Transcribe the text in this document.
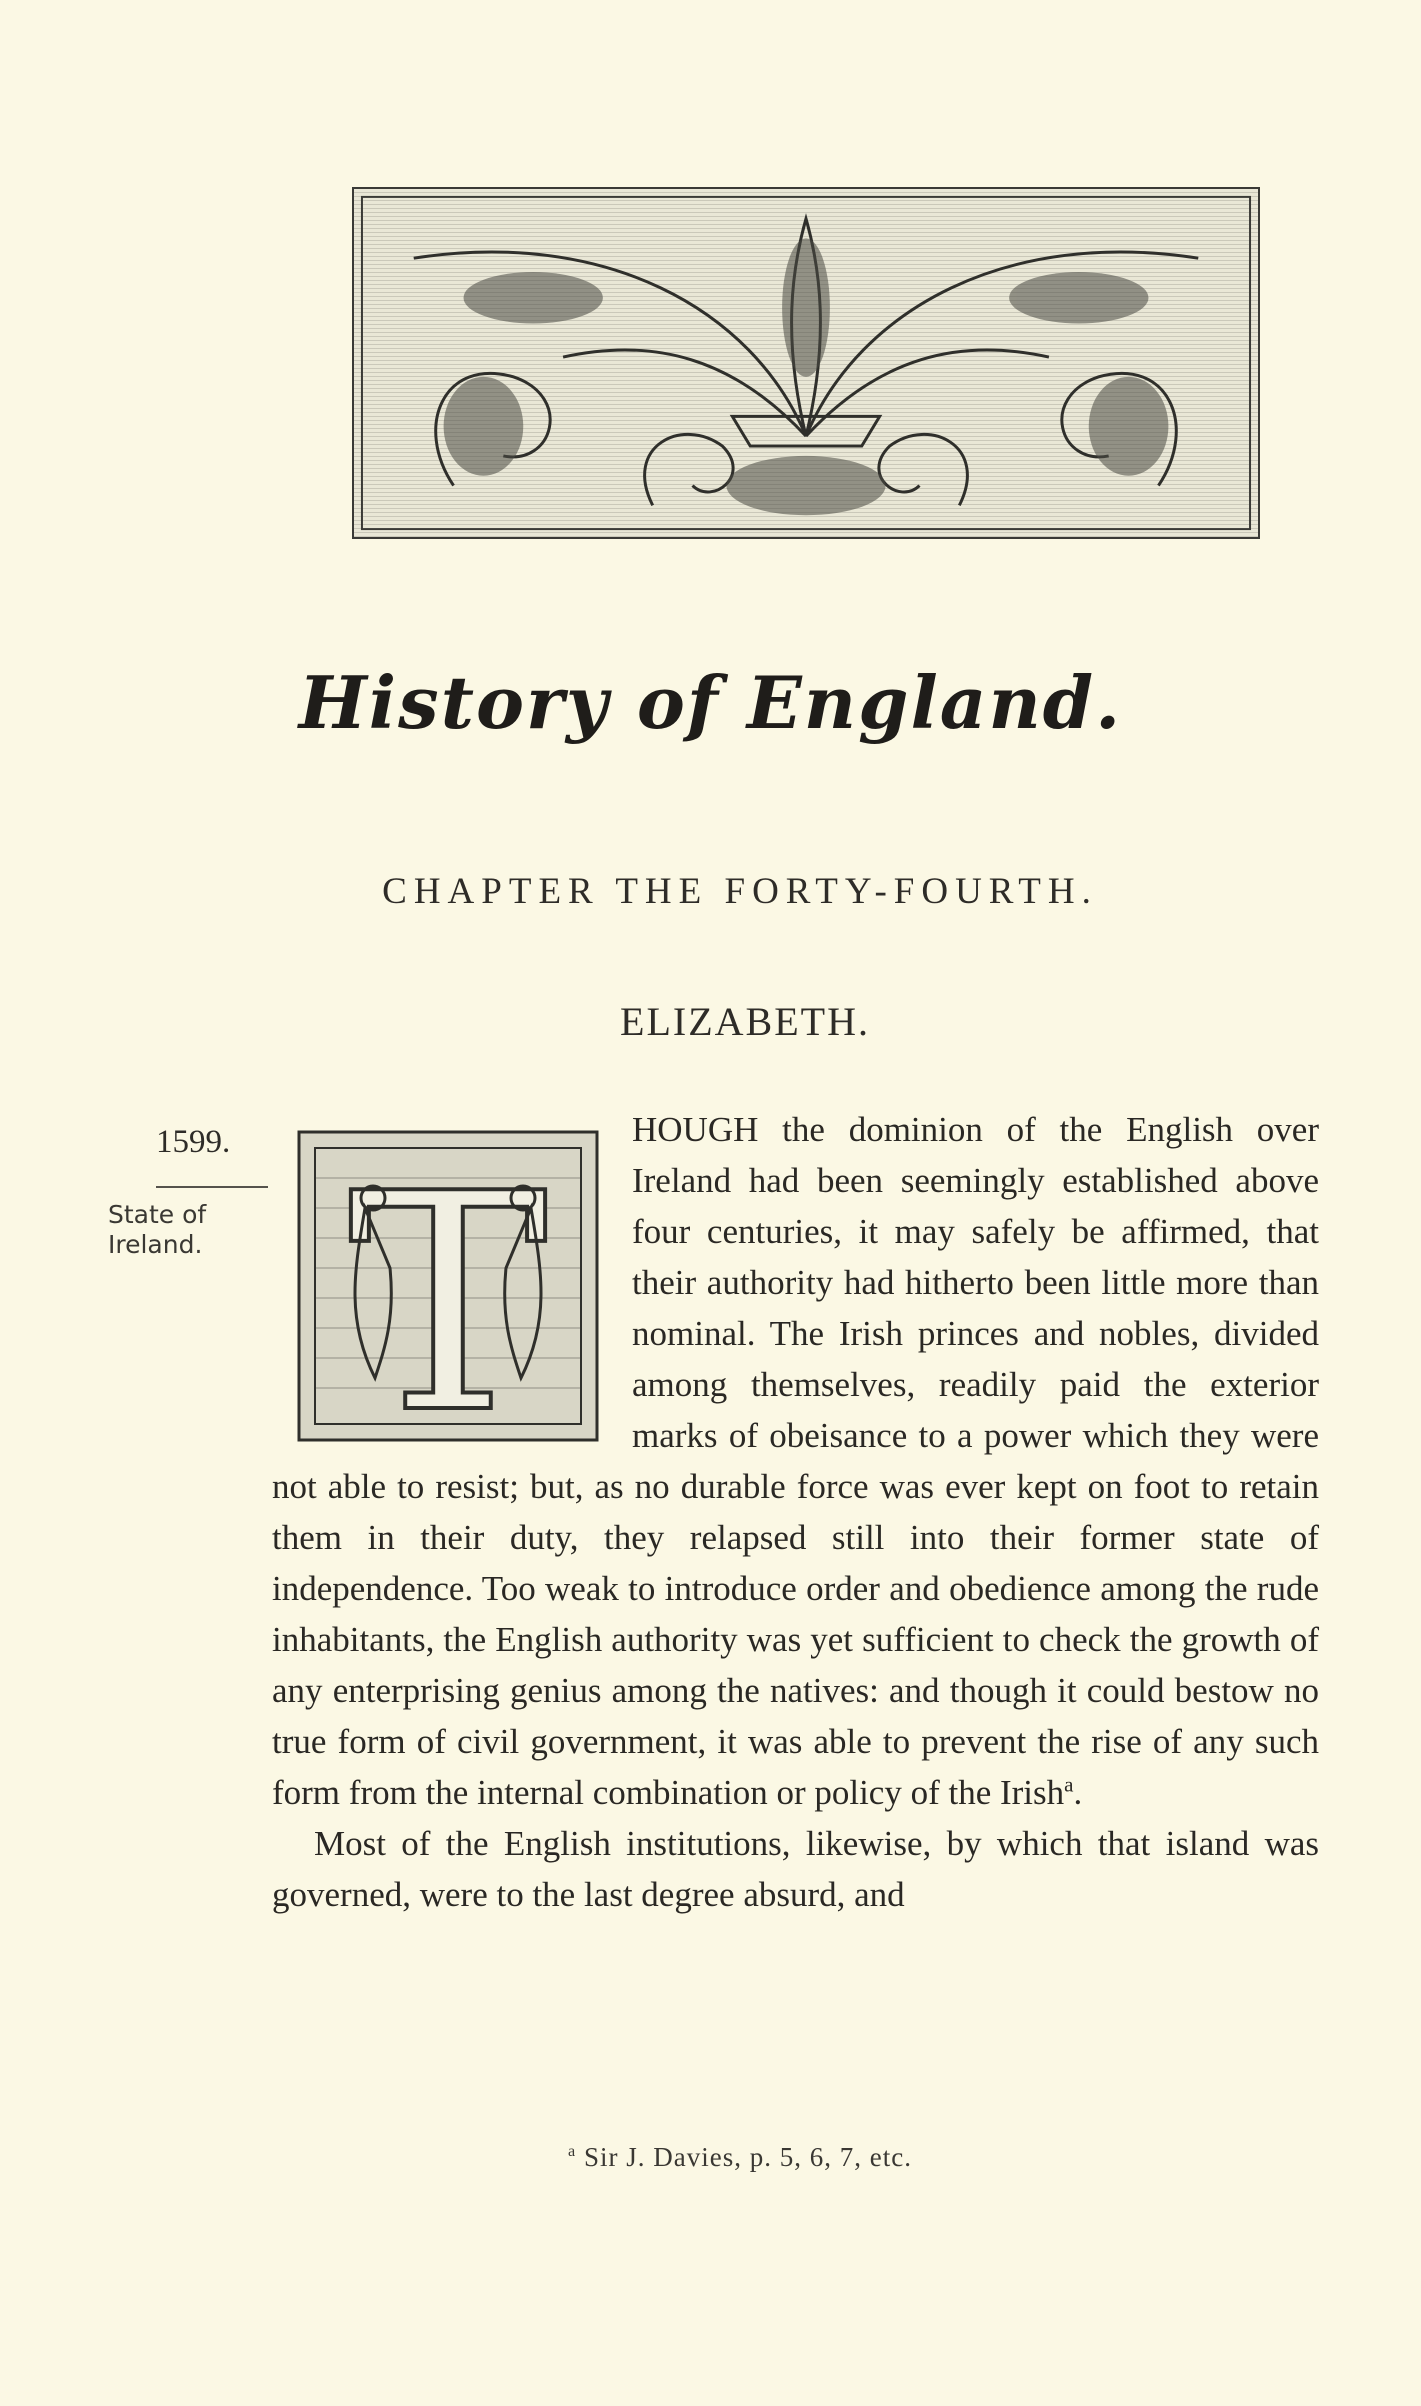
History of England.
CHAPTER THE FORTY-FOURTH.
ELIZABETH.
1599.
State of Ireland. T

HOUGH the dominion of the English over Ireland had been seemingly established above four centuries, it may safely be affirmed, that their authority had hitherto been little more than nominal. The Irish princes and nobles, divided among themselves, readily paid the exterior marks of obeisance to a power which they were not able to resist; but, as no durable force was ever kept on foot to retain them in their duty, they relapsed still into their former state of independence. Too weak to introduce order and obedience among the rude inhabitants, the English authority was yet sufficient to check the growth of any enterprising genius among the natives: and though it could bestow no true form of civil government, it was able to prevent the rise of any such form from the internal combination or policy of the Irish$^a$.

Most of the English institutions, likewise, by which that island was governed, were to the last degree absurd, and

$^a$ Sir J. Davies, p. 5, 6, 7, etc.
